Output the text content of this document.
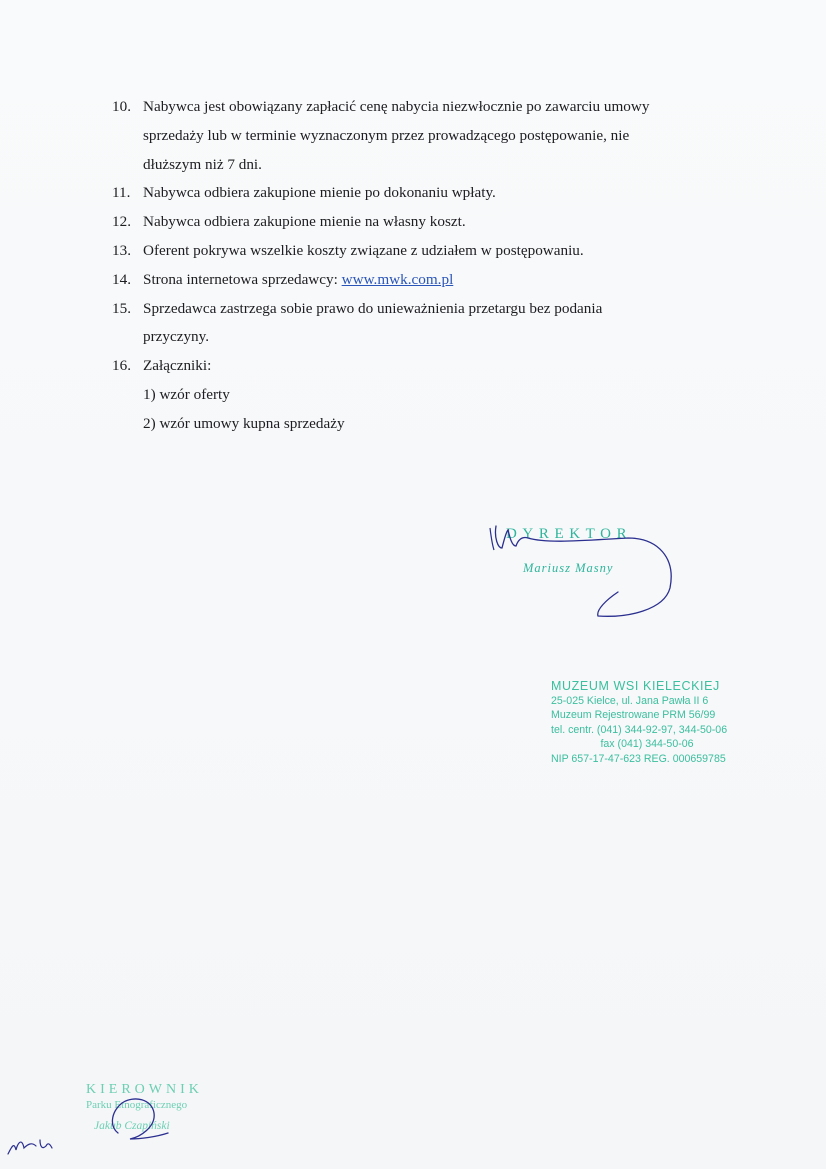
10. Nabywca jest obowiązany zapłacić cenę nabycia niezwłocznie po zawarciu umowy
sprzedaży lub w terminie wyznaczonym przez prowadzącego postępowanie, nie
dłuższym niż 7 dni.
11. Nabywca odbiera zakupione mienie po dokonaniu wpłaty.
12. Nabywca odbiera zakupione mienie na własny koszt.
13. Oferent pokrywa wszelkie koszty związane z udziałem w postępowaniu.
14. Strona internetowa sprzedawcy: www.mwk.com.pl
15. Sprzedawca zastrzega sobie prawo do unieważnienia przetargu bez podania
przyczyny.
16. Załączniki:
1) wzór oferty
2) wzór umowy kupna sprzedaży
DYREKTOR
Mariusz Masny
MUZEUM WSI KIELECKIEJ
25-025 Kielce, ul. Jana Pawła II 6
Muzeum Rejestrowane PRM 56/99
tel. centr. (041) 344-92-97, 344-50-06
fax (041) 344-50-06
NIP 657-17-47-623 REG. 000659785
KIEROWNIK
Parku Etnograficznego
Jakub Czapiński
